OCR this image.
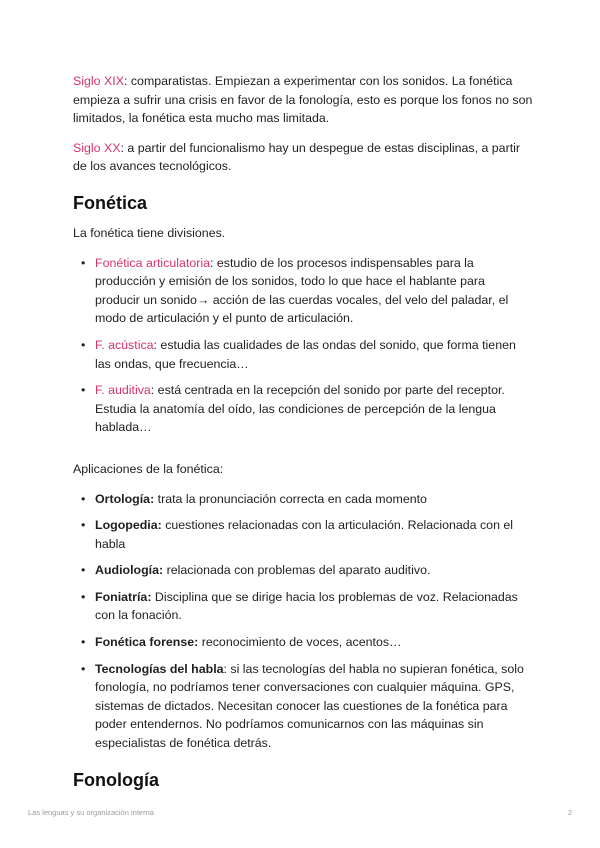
Siglo XIX: comparatistas. Empiezan a experimentar con los sonidos. La fonética empieza a sufrir una crisis en favor de la fonología, esto es porque los fonos no son limitados, la fonética esta mucho mas limitada.

Siglo XX: a partir del funcionalismo hay un despegue de estas disciplinas, a partir de los avances tecnológicos.

Fonética

La fonética tiene divisiones.

• Fonética articulatoria: estudio de los procesos indispensables para la producción y emisión de los sonidos, todo lo que hace el hablante para producir un sonido→ acción de las cuerdas vocales, del velo del paladar, el modo de articulación y el punto de articulación.
• F. acústica: estudia las cualidades de las ondas del sonido, que forma tienen las ondas, que frecuencia…
• F. auditiva: está centrada en la recepción del sonido por parte del receptor. Estudia la anatomía del oído, las condiciones de percepción de la lengua hablada…

Aplicaciones de la fonética:

• Ortología: trata la pronunciación correcta en cada momento
• Logopedia: cuestiones relacionadas con la articulación. Relacionada con el habla
• Audiología: relacionada con problemas del aparato auditivo.
• Foniatría: Disciplina que se dirige hacia los problemas de voz. Relacionadas con la fonación.
• Fonética forense: reconocimiento de voces, acentos…
• Tecnologías del habla: si las tecnologías del habla no supieran fonética, solo fonología, no podríamos tener conversaciones con cualquier máquina. GPS, sistemas de dictados. Necesitan conocer las cuestiones de la fonética para poder entendernos. No podríamos comunicarnos con las máquinas sin especialistas de fonética detrás.
Fonología
Las lenguas y su organización interna	2
